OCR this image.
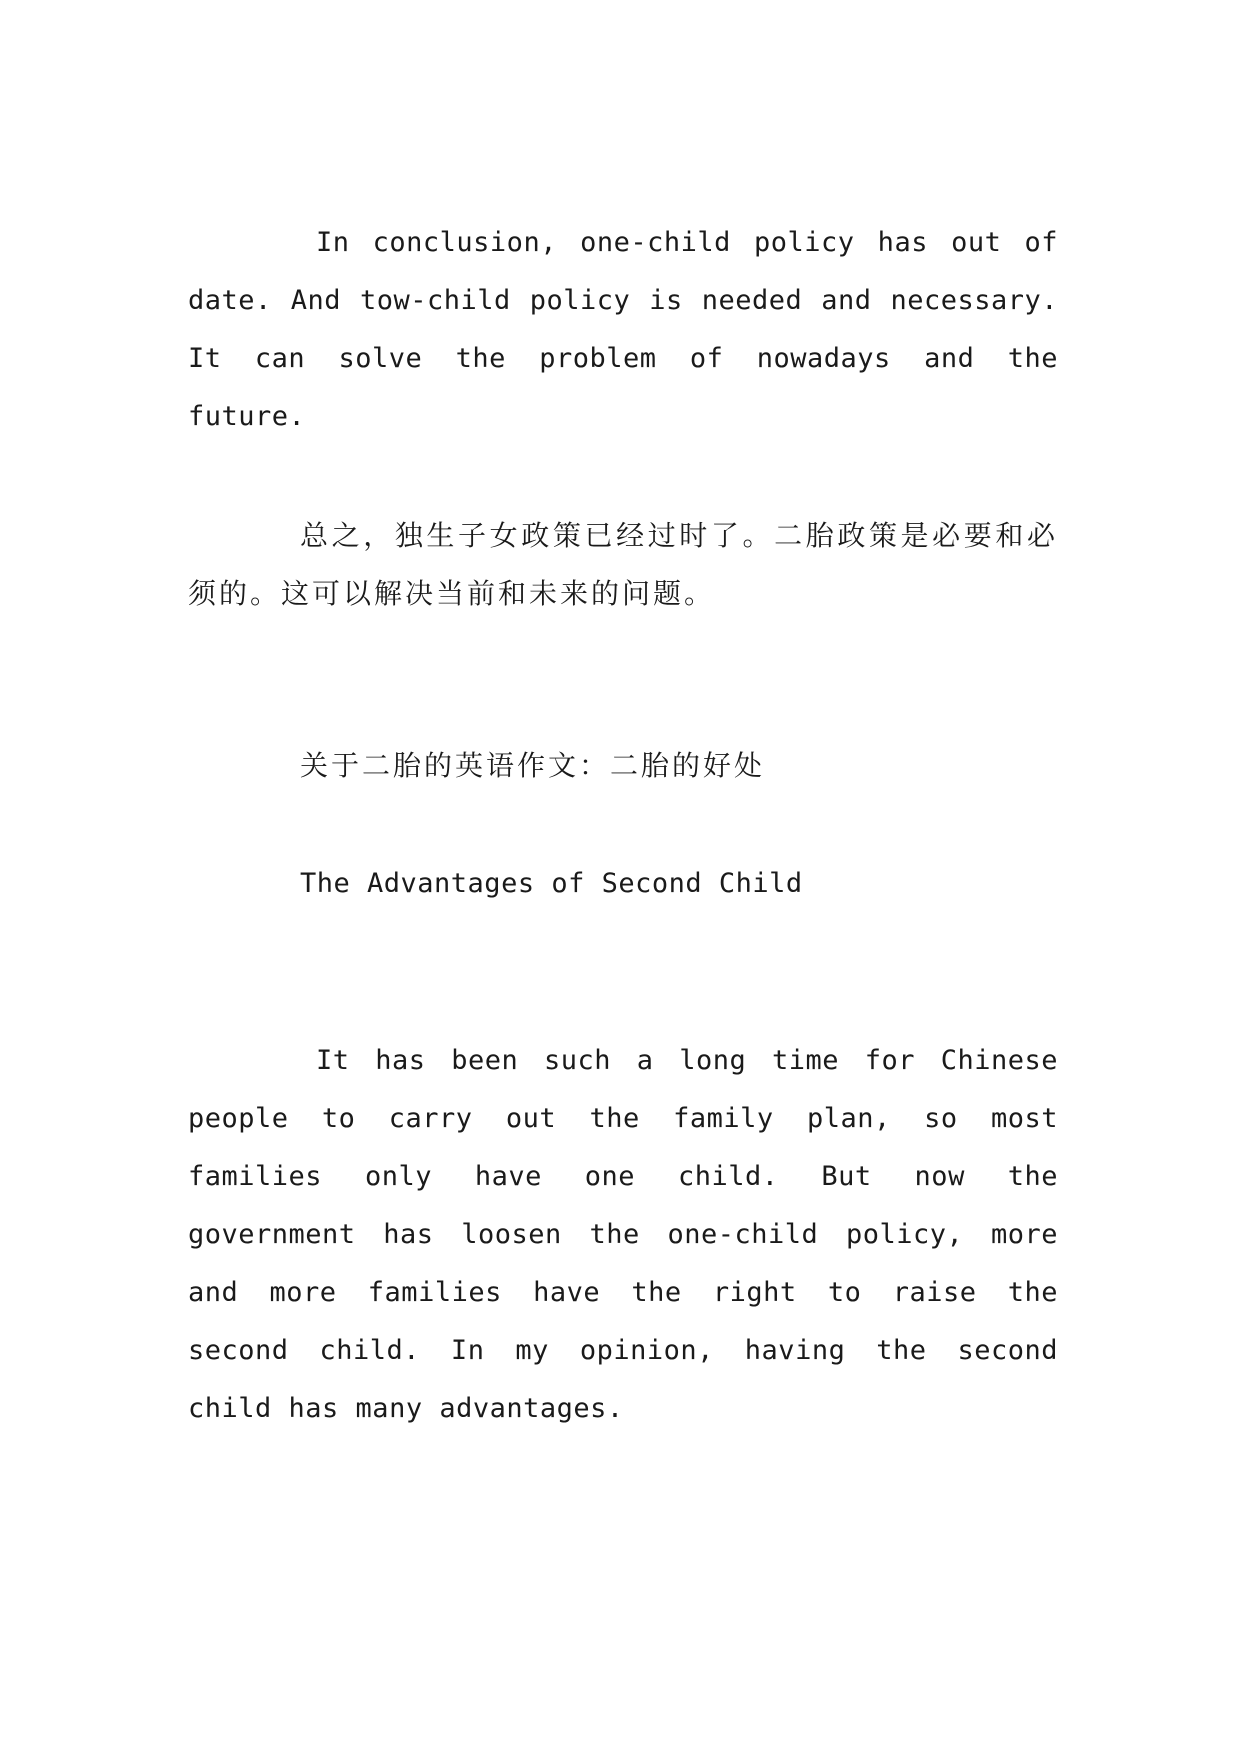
In conclusion, one-child policy has out of date. And tow-child policy is needed and necessary. It can solve the problem of nowadays and the future.

总之，独生子女政策已经过时了。二胎政策是必要和必须的。这可以解决当前和未来的问题。

关于二胎的英语作文：二胎的好处

The Advantages of Second Child

It has been such a long time for Chinese people to carry out the family plan, so most families only have one child. But now the government has loosen the one-child policy, more and more families have the right to raise the second child. In my opinion, having the second child has many advantages.
